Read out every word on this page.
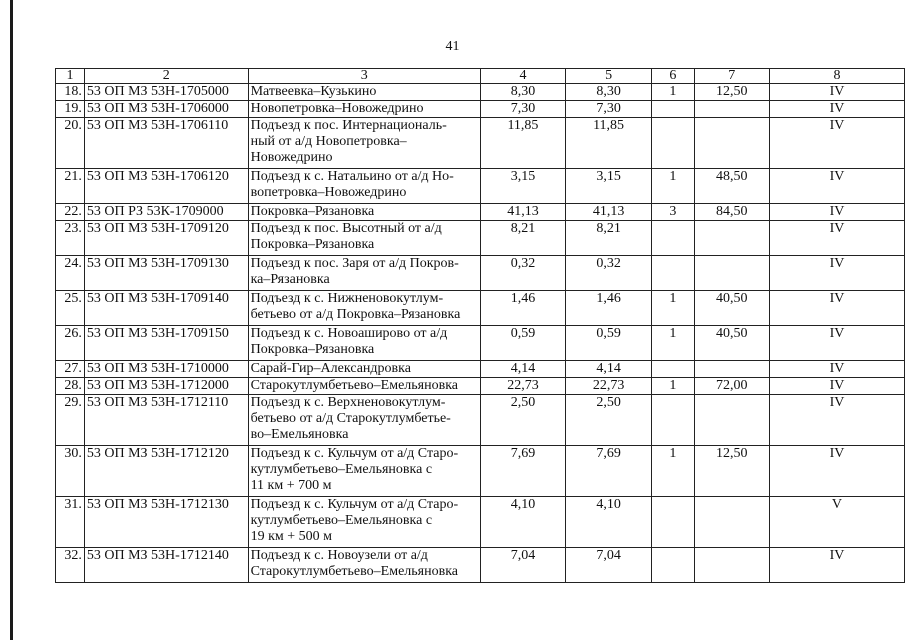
41
1	2	3	4	5	6	7	8
18.	53 ОП МЗ 53Н-1705000	Матвеевка–Кузькино	8,30	8,30	1	12,50	IV
19.	53 ОП МЗ 53Н-1706000	Новопетровка–Новожедрино	7,30	7,30			IV
20.	53 ОП МЗ 53Н-1706110	Подъезд к пос. Интернациональ-
ный от а/д Новопетровка–
Новожедрино	11,85	11,85			IV
21.	53 ОП МЗ 53Н-1706120	Подъезд к с. Натальино от а/д Но-
вопетровка–Новожедрино	3,15	3,15	1	48,50	IV
22.	53 ОП РЗ 53К-1709000	Покровка–Рязановка	41,13	41,13	3	84,50	IV
23.	53 ОП МЗ 53Н-1709120	Подъезд к пос. Высотный от а/д
Покровка–Рязановка	8,21	8,21			IV
24.	53 ОП МЗ 53Н-1709130	Подъезд к пос. Заря от а/д Покров-
ка–Рязановка	0,32	0,32			IV
25.	53 ОП МЗ 53Н-1709140	Подъезд к с. Нижненовокутлум-
бетьево от а/д Покровка–Рязановка	1,46	1,46	1	40,50	IV
26.	53 ОП МЗ 53Н-1709150	Подъезд к с. Новоаширово от а/д
Покровка–Рязановка	0,59	0,59	1	40,50	IV
27.	53 ОП МЗ 53Н-1710000	Сарай-Гир–Александровка	4,14	4,14			IV
28.	53 ОП МЗ 53Н-1712000	Старокутлумбетьево–Емельяновка	22,73	22,73	1	72,00	IV
29.	53 ОП МЗ 53Н-1712110	Подъезд к с. Верхненовокутлум-
бетьево от а/д Старокутлумбетье-
во–Емельяновка	2,50	2,50			IV
30.	53 ОП МЗ 53Н-1712120	Подъезд к с. Кульчум от а/д Старо-
кутлумбетьево–Емельяновка с
11 км + 700 м	7,69	7,69	1	12,50	IV
31.	53 ОП МЗ 53Н-1712130	Подъезд к с. Кульчум от а/д Старо-
кутлумбетьево–Емельяновка с
19 км + 500 м	4,10	4,10			V
32.	53 ОП МЗ 53Н-1712140	Подъезд к с. Новоузели от а/д
Старокутлумбетьево–Емельяновка	7,04	7,04			IV
